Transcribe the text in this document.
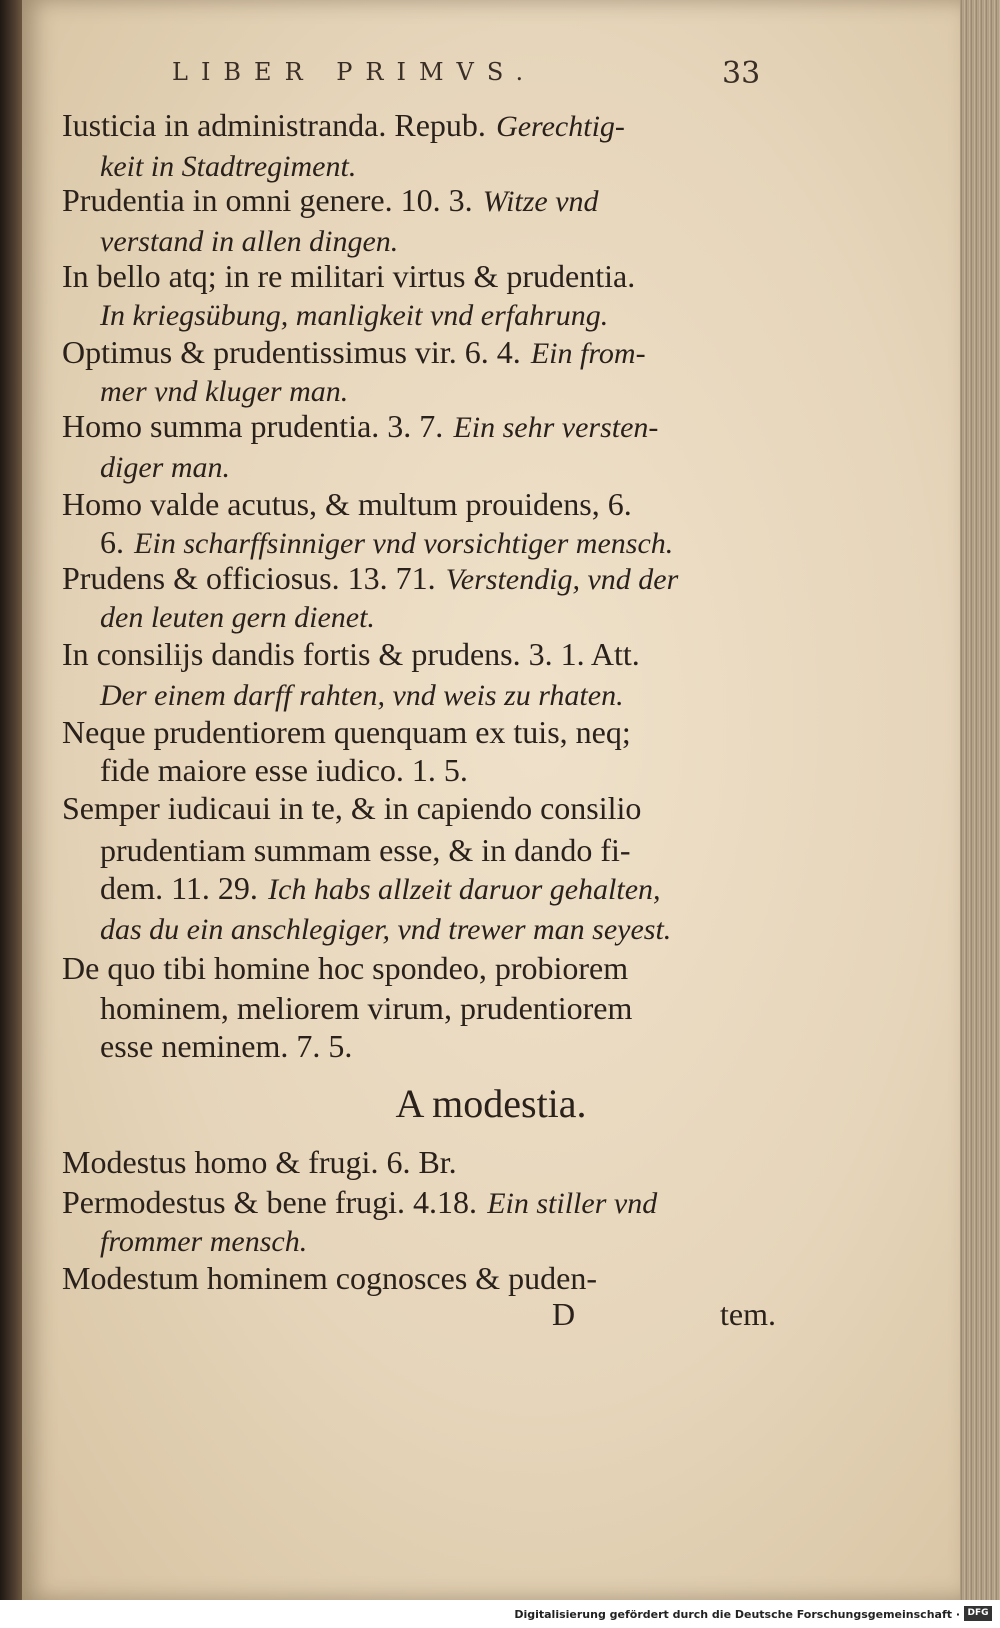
LIBER PRIMVS.	33
Iusticia in administranda. Repub. Gerechtig-
keit in Stadtregiment.
Prudentia in omni genere. 10. 3. Witze vnd
verstand in allen dingen.
In bello atq; in re militari virtus & prudentia.
In kriegsübung, manligkeit vnd erfahrung.
Optimus & prudentissimus vir. 6. 4. Ein from-
mer vnd kluger man.
Homo summa prudentia. 3. 7. Ein sehr versten-
diger man.
Homo valde acutus, & multum prouidens, 6.
6. Ein scharffsinniger vnd vorsichtiger mensch.
Prudens & officiosus. 13. 71. Verstendig, vnd der
den leuten gern dienet.
In consilijs dandis fortis & prudens. 3. 1. Att.
Der einem darff rahten, vnd weis zu rhaten.
Neque prudentiorem quenquam ex tuis, neq;
fide maiore esse iudico. 1. 5.
Semper iudicaui in te, & in capiendo consilio
prudentiam summam esse, & in dando fi-
dem. 11. 29. Ich habs allzeit daruor gehalten,
das du ein anschlegiger, vnd trewer man seyest.
De quo tibi homine hoc spondeo, probiorem
hominem, meliorem virum, prudentiorem
esse neminem. 7. 5.
A modestia.
Modestus homo & frugi. 6. Br.
Permodestus & bene frugi. 4.18. Ein stiller vnd
frommer mensch.
Modestum hominem cognosces & puden-
D	tem.
Digitalisierung gefördert durch die Deutsche Forschungsgemeinschaft · DFG
